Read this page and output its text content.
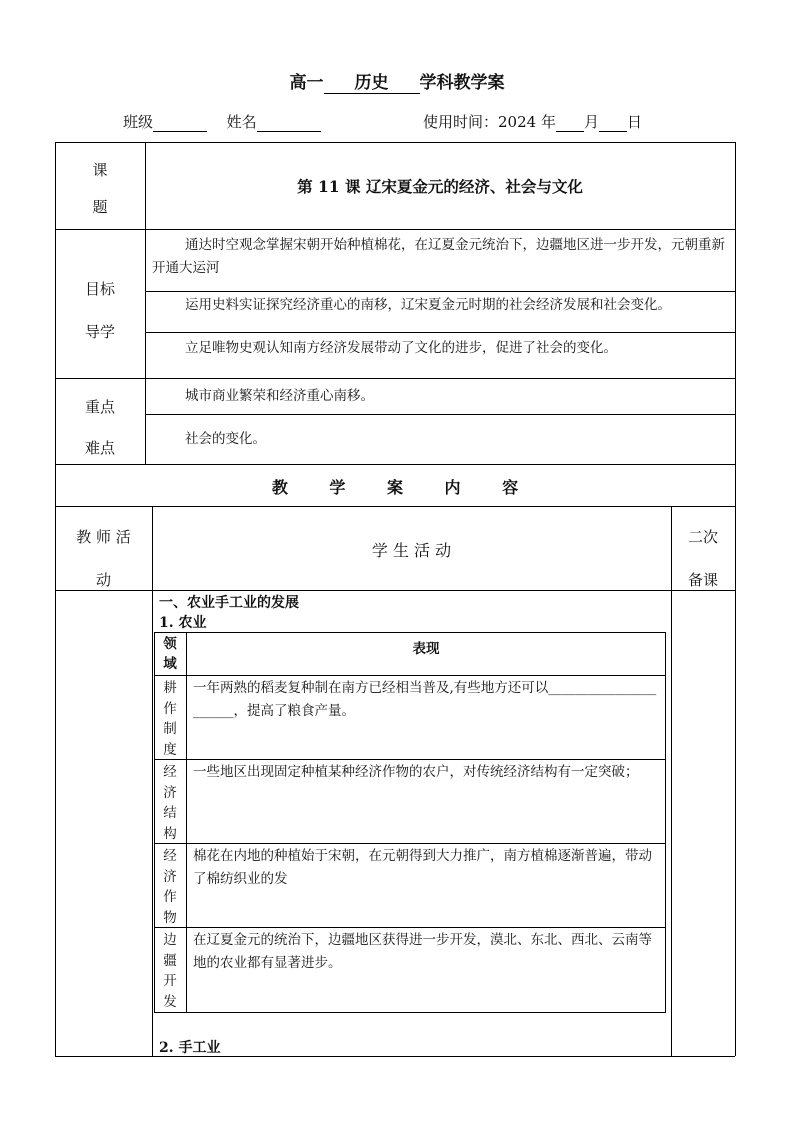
高一 历史 学科教学案
班级	姓名	使用时间：2024 年 月 日
课
题
第 11 课 辽宋夏金元的经济、社会与文化
目标
导学
通达时空观念掌握宋朝开始种植棉花，在辽夏金元统治下，边疆地区进一步开发，元朝重新开通大运河
运用史料实证探究经济重心的南移，辽宋夏金元时期的社会经济发展和社会变化。
立足唯物史观认知南方经济发展带动了文化的进步，促进了社会的变化。
重点
难点
城市商业繁荣和经济重心南移。
社会的变化。
教 学 案 内 容
教 师 活
动
学 生 活 动
二次
备课
一、农业手工业的发展
1. 农业
2. 手工业
领域
表现
耕作制度
一年两熟的稻麦复种制在南方已经相当普及,有些地方还可以______________________，提高了粮食产量。
经济结构
一些地区出现固定种植某种经济作物的农户，对传统经济结构有一定突破；
经济作物
棉花在内地的种植始于宋朝，在元朝得到大力推广，南方植棉逐渐普遍，带动了棉纺织业的发
边疆开发
在辽夏金元的统治下，边疆地区获得进一步开发，漠北、东北、西北、云南等地的农业都有显著进步。
